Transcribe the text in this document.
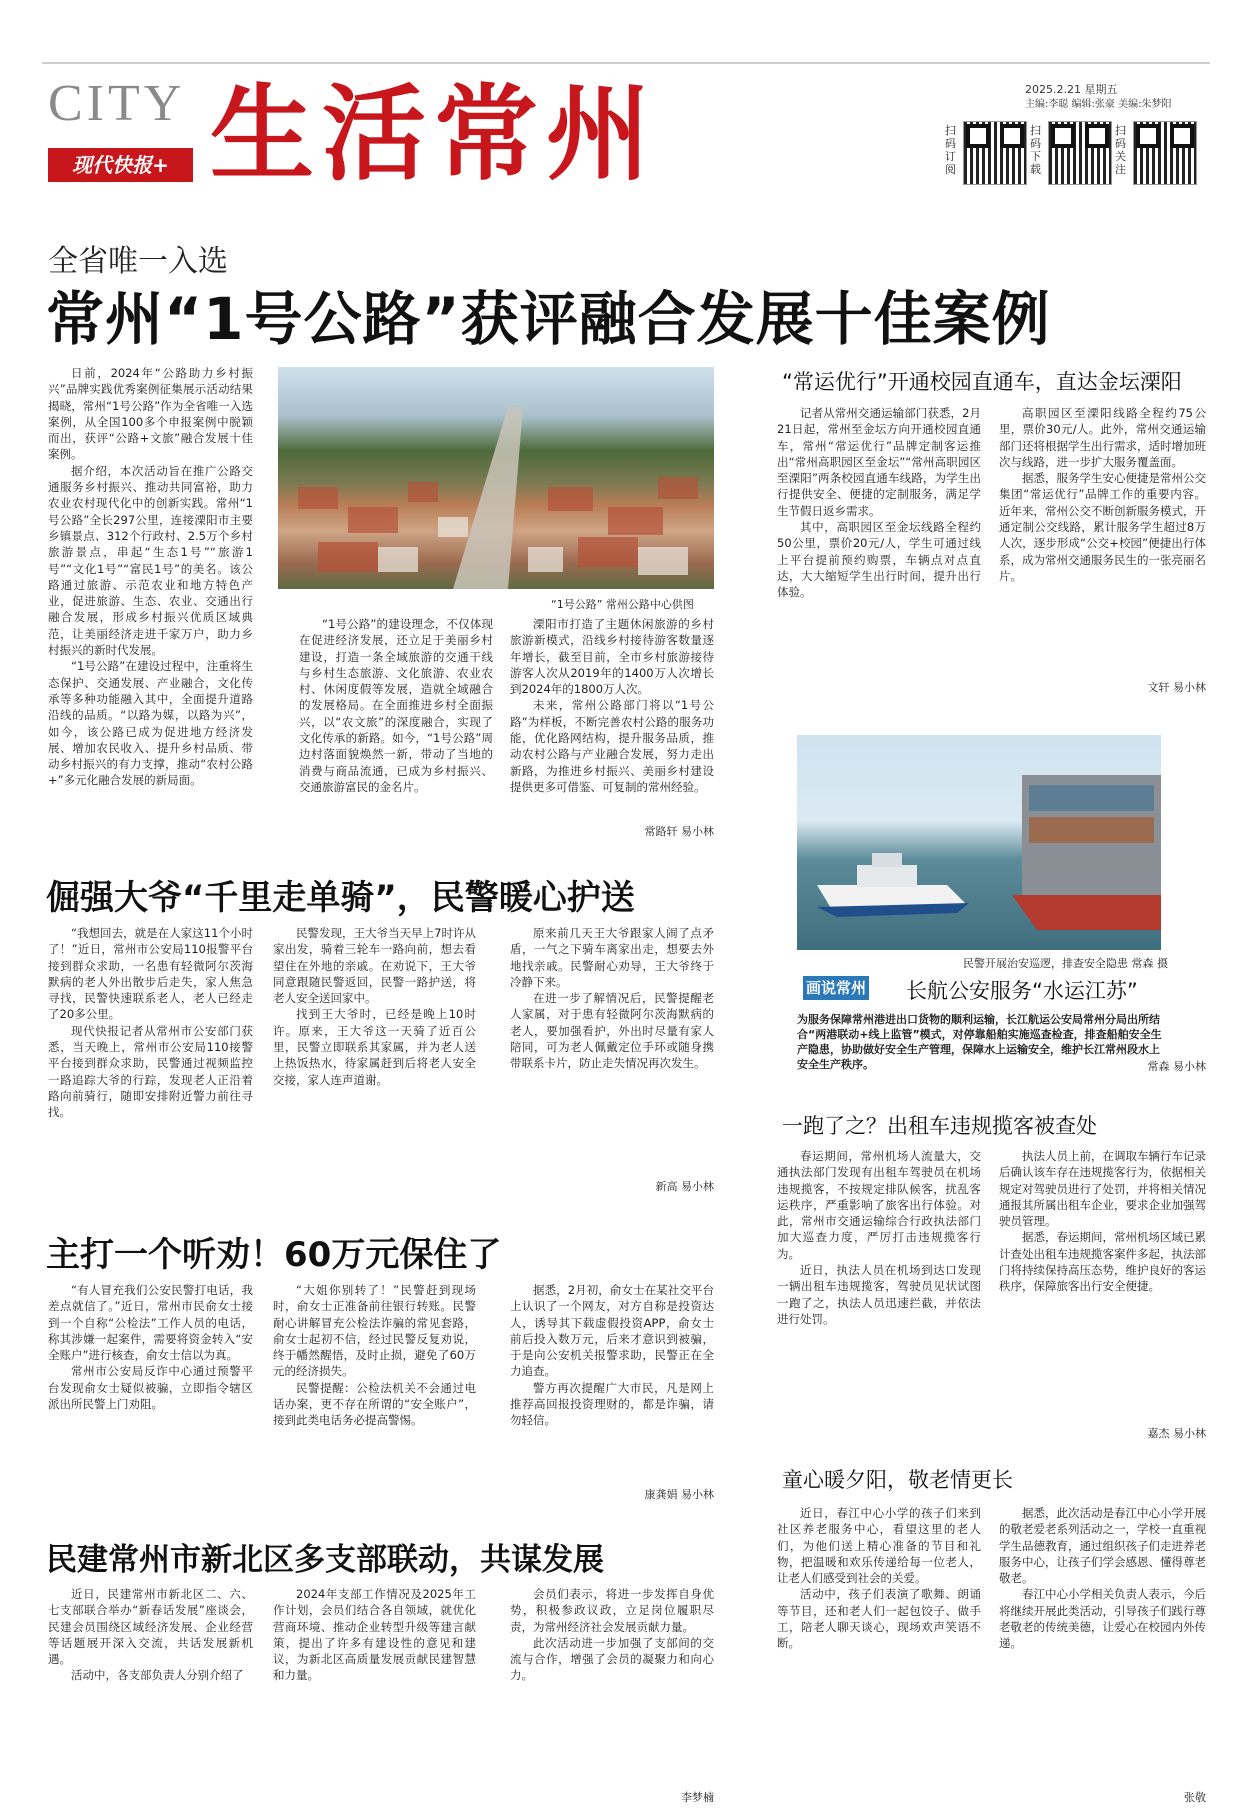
CITY
现代快报+ 生活常州	2025.2.21 星期五
主编:李聪 编辑:张豪 美编:朱梦阳
扫码订阅
扫码下载
扫码关注
全省唯一入选
常州“1号公路”获评融合发展十佳案例

日前，2024年“公路助力乡村振兴”品牌实践优秀案例征集展示活动结果揭晓，常州“1号公路”作为全省唯一入选案例，从全国100多个申报案例中脱颖而出，获评“公路+文旅”融合发展十佳案例。

据介绍，本次活动旨在推广公路交通服务乡村振兴、推动共同富裕，助力农业农村现代化中的创新实践。常州“1号公路”全长297公里，连接溧阳市主要乡镇景点、312个行政村、2.5万个乡村旅游景点，串起“生态1号”“旅游1号”“文化1号”“富民1号”的美名。该公路通过旅游、示范农业和地方特色产业，促进旅游、生态、农业、交通出行融合发展，形成乡村振兴优质区域典范，让美丽经济走进千家万户，助力乡村振兴的新时代发展。

“1号公路”在建设过程中，注重将生态保护、交通发展、产业融合，文化传承等多种功能融入其中，全面提升道路沿线的品质。“以路为媒，以路为兴”，如今，该公路已成为促进地方经济发展、增加农民收入、提升乡村品质、带动乡村振兴的有力支撑，推动“农村公路+”多元化融合发展的新局面。

“1号公路” 常州公路中心供图

“1号公路”的建设理念，不仅体现在促进经济发展，还立足于美丽乡村建设，打造一条全域旅游的交通干线与乡村生态旅游、文化旅游、农业农村、休闲度假等发展，造就全域融合的发展格局。在全面推进乡村全面振兴，以“农文旅”的深度融合，实现了文化传承的新路。如今，“1号公路”周边村落面貌焕然一新，带动了当地的消费与商品流通，已成为乡村振兴、交通旅游富民的金名片。

溧阳市打造了主题休闲旅游的乡村旅游新模式，沿线乡村接待游客数量逐年增长，截至目前，全市乡村旅游接待游客人次从2019年的1400万人次增长到2024年的1800万人次。

未来，常州公路部门将以“1号公路”为样板，不断完善农村公路的服务功能，优化路网结构，提升服务品质，推动农村公路与产业融合发展，努力走出新路，为推进乡村振兴、美丽乡村建设提供更多可借鉴、可复制的常州经验。

常路轩 易小林
“常运优行”开通校园直通车，直达金坛溧阳

记者从常州交通运输部门获悉，2月21日起，常州至金坛方向开通校园直通车，常州“常运优行”品牌定制客运推出“常州高职园区至金坛”“常州高职园区至溧阳”两条校园直通车线路，为学生出行提供安全、便捷的定制服务，满足学生节假日返乡需求。

其中，高职园区至金坛线路全程约50公里，票价20元/人，学生可通过线上平台提前预约购票，车辆点对点直达，大大缩短学生出行时间，提升出行体验。

高职园区至溧阳线路全程约75公里，票价30元/人。此外，常州交通运输部门还将根据学生出行需求，适时增加班次与线路，进一步扩大服务覆盖面。

据悉，服务学生安心便捷是常州公交集团“常运优行”品牌工作的重要内容。近年来，常州公交不断创新服务模式，开通定制公交线路，累计服务学生超过8万人次，逐步形成“公交+校园”便捷出行体系，成为常州交通服务民生的一张亮丽名片。

文轩 易小林
民警开展治安巡逻，排查安全隐患 常森 摄
画说常州 长航公安服务“水运江苏”
为服务保障常州港进出口货物的顺利运输，长江航运公安局常州分局出所结合“两港联动+线上监管”模式，对停靠船舶实施巡查检查，排查船舶安全生产隐患，协助做好安全生产管理，保障水上运输安全，维护长江常州段水上安全生产秩序。	常森 易小林
倔强大爷“千里走单骑”，民警暖心护送

“我想回去，就是在人家这11个小时了！”近日，常州市公安局110报警平台接到群众求助，一名患有轻微阿尔茨海默病的老人外出散步后走失，家人焦急寻找，民警快速联系老人，老人已经走了20多公里。

现代快报记者从常州市公安部门获悉，当天晚上，常州市公安局110接警平台接到群众求助，民警通过视频监控一路追踪大爷的行踪，发现老人正沿着路向前骑行，随即安排附近警力前往寻找。

民警发现，王大爷当天早上7时许从家出发，骑着三轮车一路向前，想去看望住在外地的亲戚。在劝说下，王大爷同意跟随民警返回，民警一路护送，将老人安全送回家中。

找到王大爷时，已经是晚上10时许。原来，王大爷这一天骑了近百公里，民警立即联系其家属，并为老人送上热饭热水，待家属赶到后将老人安全交接，家人连声道谢。

原来前几天王大爷跟家人闹了点矛盾，一气之下骑车离家出走，想要去外地找亲戚。民警耐心劝导，王大爷终于冷静下来。

在进一步了解情况后，民警提醒老人家属，对于患有轻微阿尔茨海默病的老人，要加强看护，外出时尽量有家人陪同，可为老人佩戴定位手环或随身携带联系卡片，防止走失情况再次发生。

新高 易小林
主打一个听劝！60万元保住了

“有人冒充我们公安民警打电话，我差点就信了。”近日，常州市民俞女士接到一个自称“公检法”工作人员的电话，称其涉嫌一起案件，需要将资金转入“安全账户”进行核查，俞女士信以为真。

常州市公安局反诈中心通过预警平台发现俞女士疑似被骗，立即指令辖区派出所民警上门劝阻。

“大姐你别转了！”民警赶到现场时，俞女士正准备前往银行转账。民警耐心讲解冒充公检法诈骗的常见套路，俞女士起初不信，经过民警反复劝说，终于幡然醒悟，及时止损，避免了60万元的经济损失。

民警提醒：公检法机关不会通过电话办案，更不存在所谓的“安全账户”，接到此类电话务必提高警惕。

据悉，2月初，俞女士在某社交平台上认识了一个网友，对方自称是投资达人，诱导其下载虚假投资APP，俞女士前后投入数万元，后来才意识到被骗，于是向公安机关报警求助，民警正在全力追查。

警方再次提醒广大市民，凡是网上推荐高回报投资理财的，都是诈骗，请勿轻信。

康龚娟 易小林
一跑了之？出租车违规揽客被查处

春运期间，常州机场人流量大，交通执法部门发现有出租车驾驶员在机场违规揽客，不按规定排队候客，扰乱客运秩序，严重影响了旅客出行体验。对此，常州市交通运输综合行政执法部门加大巡查力度，严厉打击违规揽客行为。

近日，执法人员在机场到达口发现一辆出租车违规揽客，驾驶员见状试图一跑了之，执法人员迅速拦截，并依法进行处罚。

执法人员上前，在调取车辆行车记录后确认该车存在违规揽客行为，依据相关规定对驾驶员进行了处罚，并将相关情况通报其所属出租车企业，要求企业加强驾驶员管理。

据悉，春运期间，常州机场区域已累计查处出租车违规揽客案件多起，执法部门将持续保持高压态势，维护良好的客运秩序，保障旅客出行安全便捷。

嘉杰 易小林
童心暖夕阳，敬老情更长

近日，春江中心小学的孩子们来到社区养老服务中心，看望这里的老人们，为他们送上精心准备的节目和礼物，把温暖和欢乐传递给每一位老人，让老人们感受到社会的关爱。

活动中，孩子们表演了歌舞、朗诵等节目，还和老人们一起包饺子、做手工，陪老人聊天谈心，现场欢声笑语不断。

据悉，此次活动是春江中心小学开展的敬老爱老系列活动之一，学校一直重视学生品德教育，通过组织孩子们走进养老服务中心，让孩子们学会感恩、懂得尊老敬老。

春江中心小学相关负责人表示，今后将继续开展此类活动，引导孩子们践行尊老敬老的传统美德，让爱心在校园内外传递。

张敬
民建常州市新北区多支部联动，共谋发展

近日，民建常州市新北区二、六、七支部联合举办“新春话发展”座谈会，民建会员围绕区域经济发展、企业经营等话题展开深入交流，共话发展新机遇。

活动中，各支部负责人分别介绍了

2024年支部工作情况及2025年工作计划，会员们结合各自领域，就优化营商环境、推动企业转型升级等建言献策，提出了许多有建设性的意见和建议，为新北区高质量发展贡献民建智慧和力量。

会员们表示，将进一步发挥自身优势，积极参政议政，立足岗位履职尽责，为常州经济社会发展贡献力量。

此次活动进一步加强了支部间的交流与合作，增强了会员的凝聚力和向心力。

李梦楠
